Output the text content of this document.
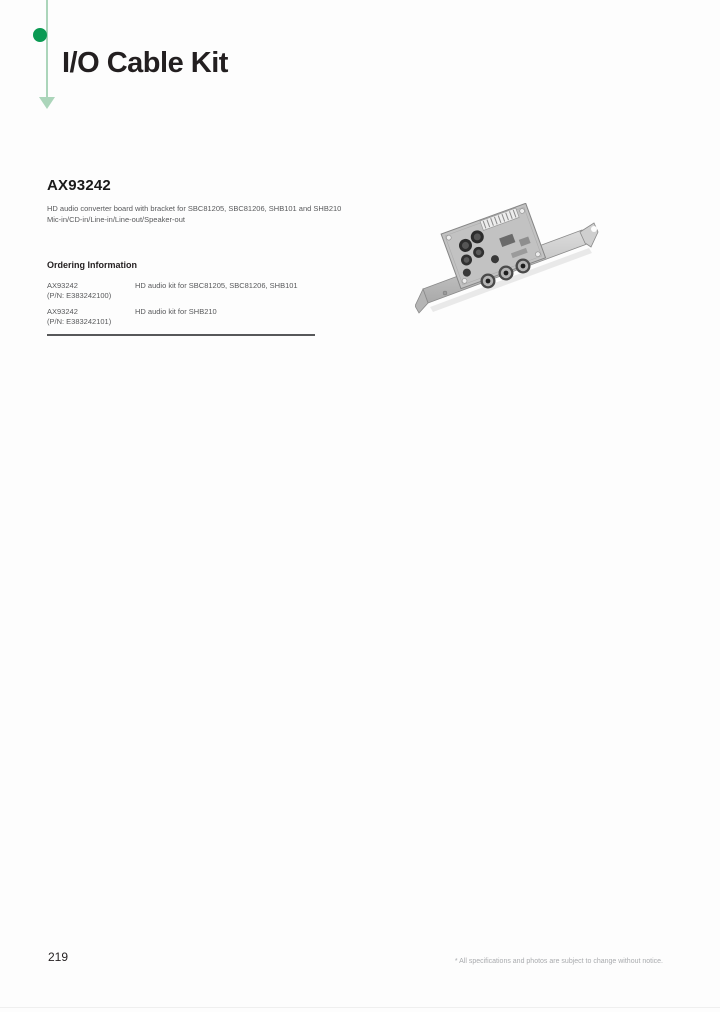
I/O Cable Kit
AX93242
HD audio converter board with bracket for SBC81205, SBC81206, SHB101 and SHB210
Mic-in/CD-in/Line-in/Line-out/Speaker-out
Ordering Information
AX93242
(P/N: E383242100)
HD audio kit for SBC81205, SBC81206, SHB101
AX93242
(P/N: E383242101)
HD audio kit for SHB210
219	* All specifications and photos are subject to change without notice.
